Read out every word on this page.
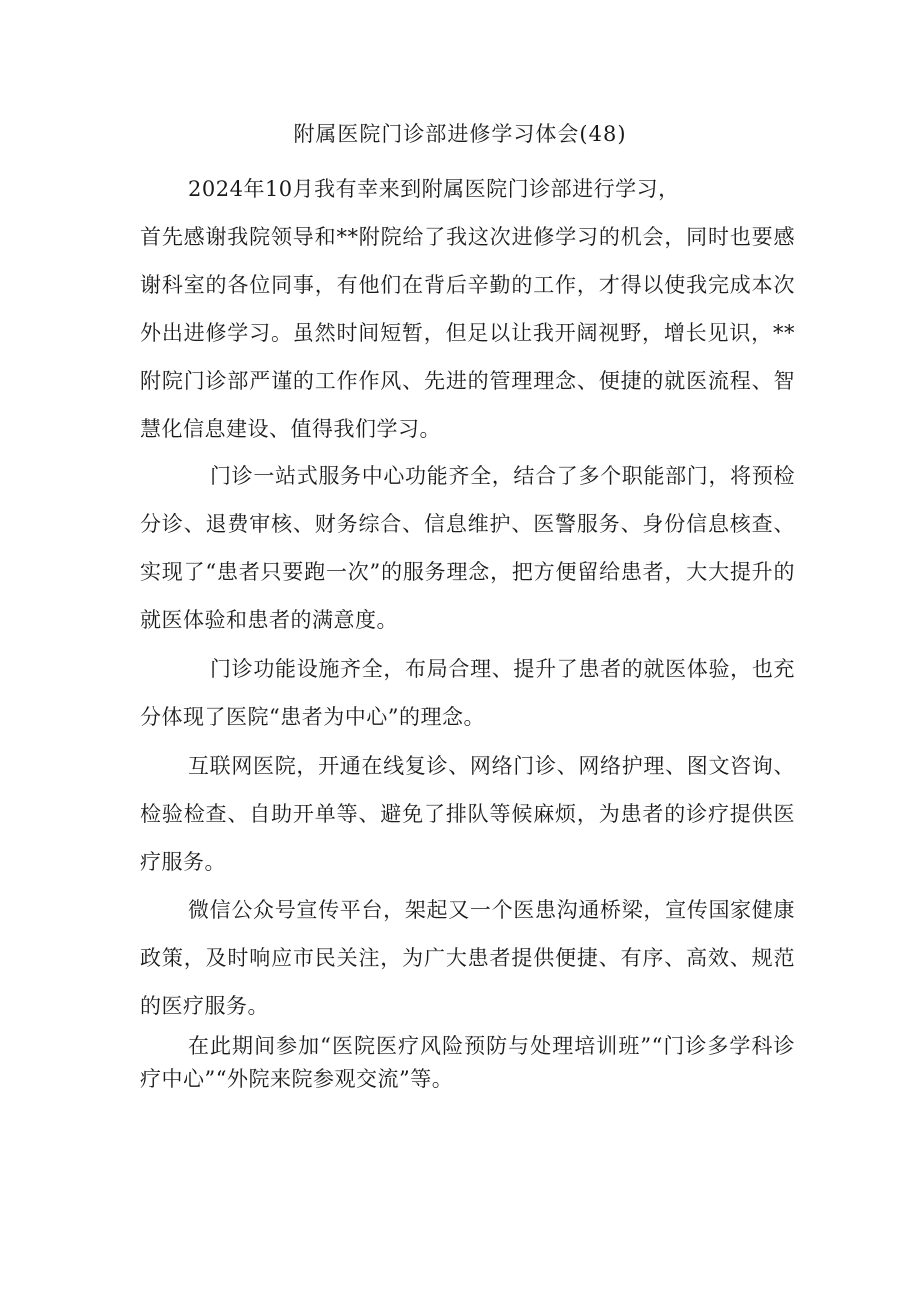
附属医院门诊部进修学习体会(48)
2024年10月我有幸来到附属医院门诊部进行学习，
首先感谢我院领导和**附院给了我这次进修学习的机会，同时也要感谢科室的各位同事，有他们在背后辛勤的工作，才得以使我完成本次外出进修学习。虽然时间短暂，但足以让我开阔视野，增长见识，**附院门诊部严谨的工作作风、先进的管理理念、便捷的就医流程、智慧化信息建设、值得我们学习。

门诊一站式服务中心功能齐全，结合了多个职能部门，将预检分诊、退费审核、财务综合、信息维护、医警服务、身份信息核查、实现了“患者只要跑一次”的服务理念，把方便留给患者，大大提升的就医体验和患者的满意度。

门诊功能设施齐全，布局合理、提升了患者的就医体验，也充分体现了医院“患者为中心”的理念。

互联网医院，开通在线复诊、网络门诊、网络护理、图文咨询、检验检查、自助开单等、避免了排队等候麻烦，为患者的诊疗提供医疗服务。

微信公众号宣传平台，架起又一个医患沟通桥梁，宣传国家健康政策，及时响应市民关注，为广大患者提供便捷、有序、高效、规范的医疗服务。

在此期间参加“医院医疗风险预防与处理培训班”“门诊多学科诊疗中心”“外院来院参观交流”等。
